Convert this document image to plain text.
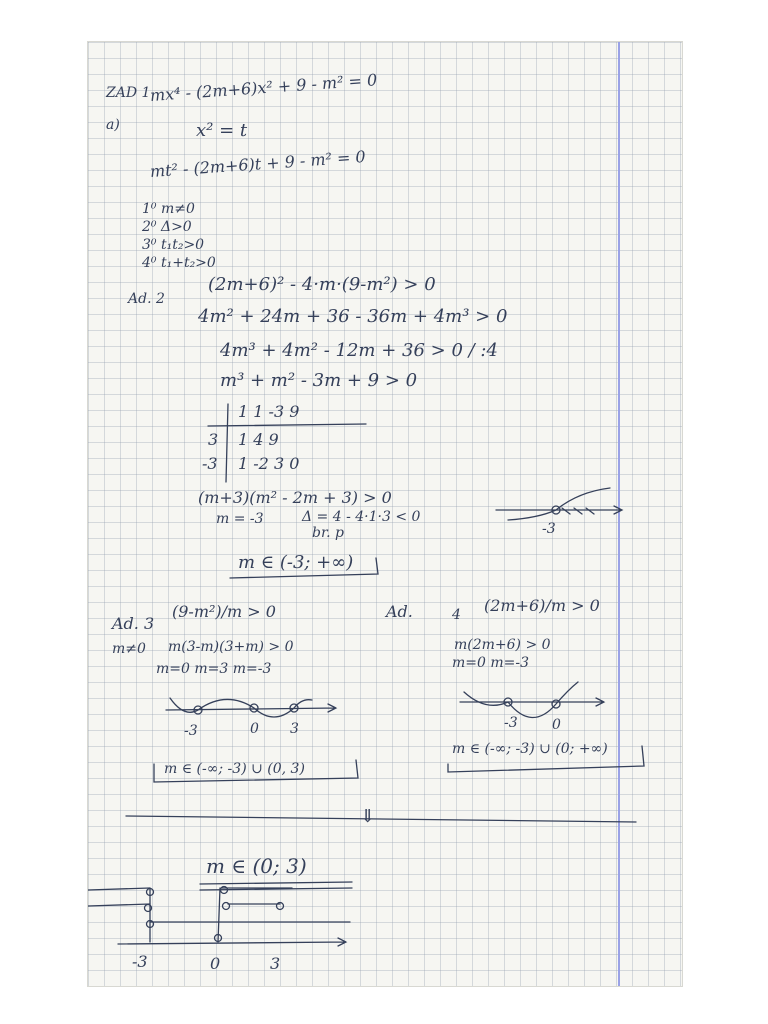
ZAD 1
mx⁴ - (2m+6)x² + 9 - m² = 0
a)	x² = t
mt² - (2m+6)t + 9 - m² = 0
1⁰ m≠0
2⁰ Δ>0
3⁰ t₁t₂>0
4⁰ t₁+t₂>0
Ad. 2
(2m+6)² - 4·m·(9-m²) > 0
4m² + 24m + 36 - 36m + 4m³ > 0
4m³ + 4m² - 12m + 36 > 0 / :4
m³ + m² - 3m + 9 > 0
1 1 -3 9
3 1 4 9
-3 1 -2 3 0
(m+3)(m² - 2m + 3) > 0
m = -3	Δ = 4 - 4·1·3 < 0
br. p	-3
m ∈ (-3; +∞)
Ad. 3
(9-m²)/m > 0
m≠0 m(3-m)(3+m) > 0
m=0 m=3 m=-3
-3	0 3
m ∈ (-∞; -3) ∪ (0, 3)
Ad.	4 (2m+6)/m > 0
m(2m+6) > 0
m=0 m=-3
-3 0
m ∈ (-∞; -3) ∪ (0; +∞)
⇓
m ∈ (0; 3)
-3	0	3
